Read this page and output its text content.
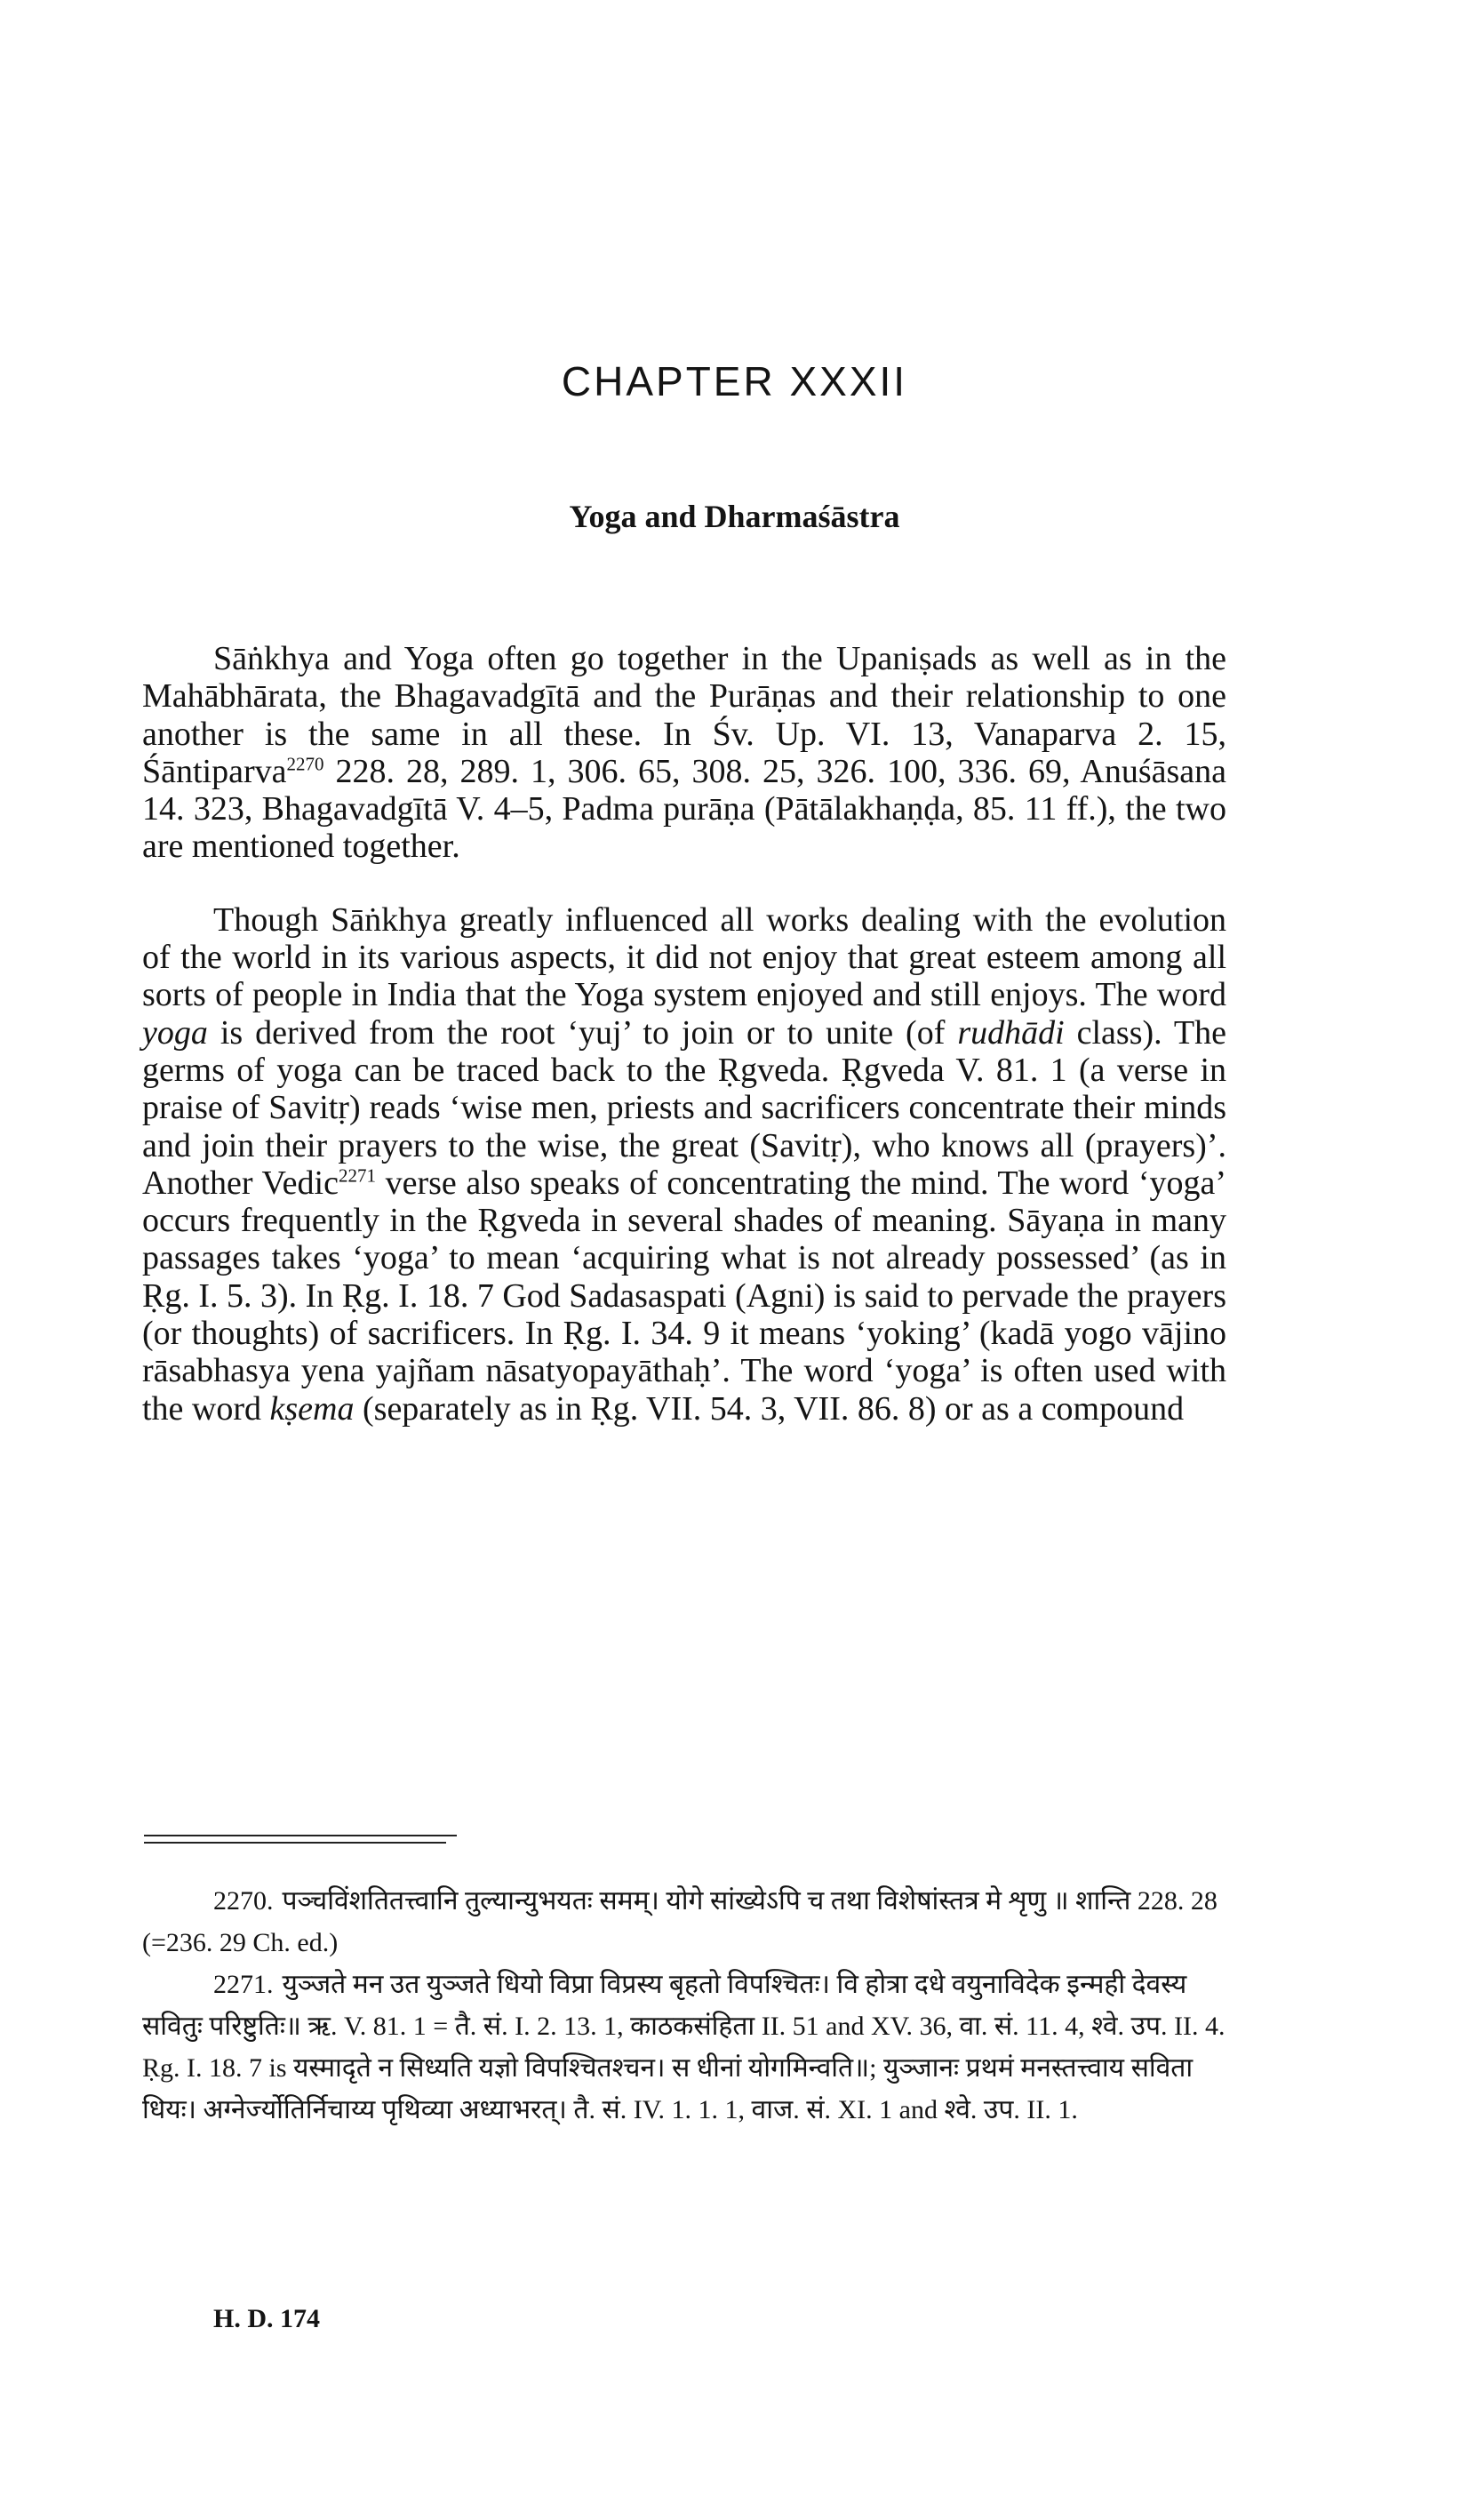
CHAPTER XXXII
Yoga and Dharmaśāstra

Sāṅkhya and Yoga often go together in the Upaniṣads as well as in the Mahābhārata, the Bhagavadgītā and the Purāṇas and their relationship to one another is the same in all these. In Śv. Up. VI. 13, Vanaparva 2. 15, Śāntiparva$^{2270}$ 228. 28, 289. 1, 306. 65, 308. 25, 326. 100, 336. 69, Anuśāsana 14. 323, Bhagavadgītā V. 4–5, Padma purāṇa (Pātālakhaṇḍa, 85. 11 ff.), the two are mentioned together.

Though Sāṅkhya greatly influenced all works dealing with the evolution of the world in its various aspects, it did not enjoy that great esteem among all sorts of people in India that the Yoga system enjoyed and still enjoys. The word yoga is derived from the root ‘yuj’ to join or to unite (of rudhādi class). The germs of yoga can be traced back to the Ṛgveda. Ṛgveda V. 81. 1 (a verse in praise of Savitṛ) reads ‘wise men, priests and sacrificers concentrate their minds and join their prayers to the wise, the great (Savitṛ), who knows all (prayers)’. Another Vedic$^{2271}$ verse also speaks of concentrating the mind. The word ‘yoga’ occurs frequently in the Ṛgveda in several shades of meaning. Sāyaṇa in many passages takes ‘yoga’ to mean ‘acquiring what is not already possessed’ (as in Ṛg. I. 5. 3). In Ṛg. I. 18. 7 God Sadasaspati (Agni) is said to pervade the prayers (or thoughts) of sacrificers. In Ṛg. I. 34. 9 it means ‘yoking’ (kadā yogo vājino rāsabhasya yena yajñam nāsatyopayāthaḥ’. The word ‘yoga’ is often used with the word kṣema (separately as in Ṛg. VII. 54. 3, VII. 86. 8) or as a compound

2270. पञ्चविंशतितत्त्वानि तुल्यान्युभयतः समम्। योगे सांख्येऽपि च तथा विशेषांस्तत्र मे शृणु ॥ शान्ति 228. 28 (=236. 29 Ch. ed.)

2271. युञ्जते मन उत युञ्जते धियो विप्रा विप्रस्य बृहतो विपश्चितः। वि होत्रा दधे वयुनाविदेक इन्मही देवस्य सवितुः परिष्टुतिः॥ ऋ. V. 81. 1 = तै. सं. I. 2. 13. 1, काठकसंहिता II. 51 and XV. 36, वा. सं. 11. 4, श्वे. उप. II. 4. Ṛg. I. 18. 7 is यस्मादृते न सिध्यति यज्ञो विपश्चितश्चन। स धीनां योगमिन्वति॥; युञ्जानः प्रथमं मनस्तत्त्वाय सविता धियः। अग्नेर्ज्योतिर्निचाय्य पृथिव्या अध्याभरत्। तै. सं. IV. 1. 1. 1, वाज. सं. XI. 1 and श्वे. उप. II. 1.

H. D. 174
